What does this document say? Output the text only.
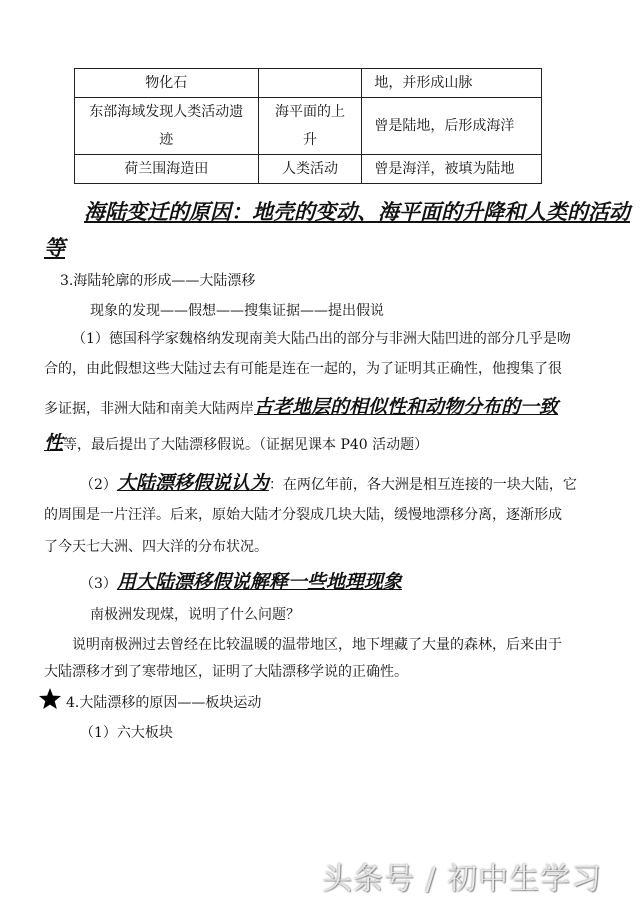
物化石		地，并形成山脉
东部海域发现人类活动遗迹	海平面的上升	曾是陆地，后形成海洋
荷兰围海造田	人类活动	曾是海洋，被填为陆地
海陆变迁的原因：地壳的变动、海平面的升降和人类的活动
等
3.海陆轮廓的形成——大陆漂移
现象的发现——假想——搜集证据——提出假说
（1）德国科学家魏格纳发现南美大陆凸出的部分与非洲大陆凹进的部分几乎是吻
合的，由此假想这些大陆过去有可能是连在一起的，为了证明其正确性，他搜集了很
多证据，非洲大陆和南美大陆两岸古老地层的相似性和动物分布的一致
性等，最后提出了大陆漂移假说。（证据见课本 P40 活动题）
（2）大陆漂移假说认为：在两亿年前，各大洲是相互连接的一块大陆，它
的周围是一片汪洋。后来，原始大陆才分裂成几块大陆，缓慢地漂移分离，逐渐形成
了今天七大洲、四大洋的分布状况。
（3）用大陆漂移假说解释一些地理现象
南极洲发现煤，说明了什么问题？
说明南极洲过去曾经在比较温暖的温带地区，地下埋藏了大量的森林，后来由于
大陆漂移才到了寒带地区，证明了大陆漂移学说的正确性。
4.大陆漂移的原因——板块运动
（1）六大板块
头条号 / 初中生学习
